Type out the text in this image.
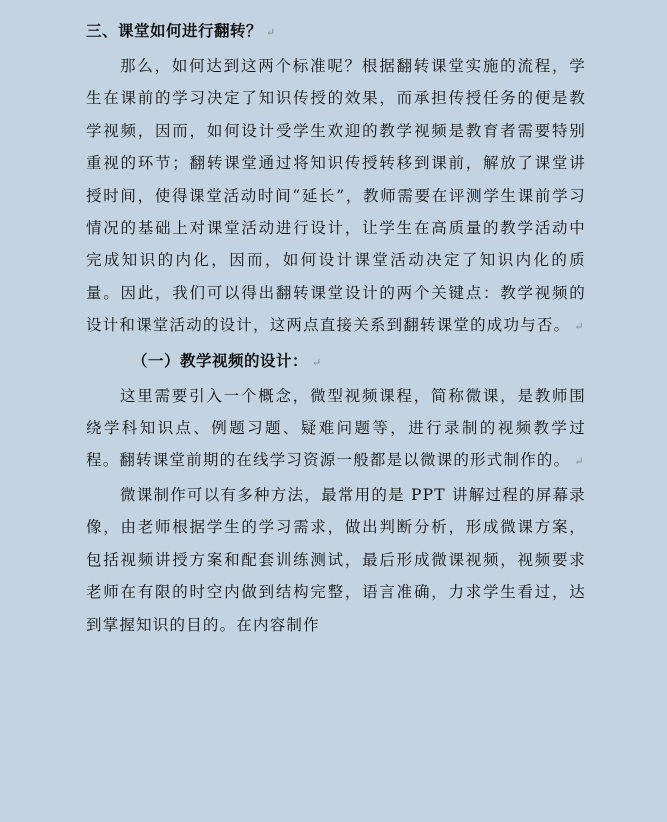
三、课堂如何进行翻转？ ↵

那么，如何达到这两个标准呢？根据翻转课堂实施的流程，学生在课前的学习决定了知识传授的效果，而承担传授任务的便是教学视频，因而，如何设计受学生欢迎的教学视频是教育者需要特别重视的环节；翻转课堂通过将知识传授转移到课前，解放了课堂讲授时间，使得课堂活动时间“延长”，教师需要在评测学生课前学习情况的基础上对课堂活动进行设计，让学生在高质量的教学活动中完成知识的内化，因而，如何设计课堂活动决定了知识内化的质量。因此，我们可以得出翻转课堂设计的两个关键点：教学视频的设计和课堂活动的设计，这两点直接关系到翻转课堂的成功与否。 ↵

（一）教学视频的设计： ↵

这里需要引入一个概念，微型视频课程，简称微课，是教师围绕学科知识点、例题习题、疑难问题等，进行录制的视频教学过程。翻转课堂前期的在线学习资源一般都是以微课的形式制作的。 ↵

微课制作可以有多种方法，最常用的是 PPT 讲解过程的屏幕录像，由老师根据学生的学习需求，做出判断分析，形成微课方案，包括视频讲授方案和配套训练测试，最后形成微课视频，视频要求老师在有限的时空内做到结构完整，语言准确，力求学生看过，达到掌握知识的目的。在内容制作
